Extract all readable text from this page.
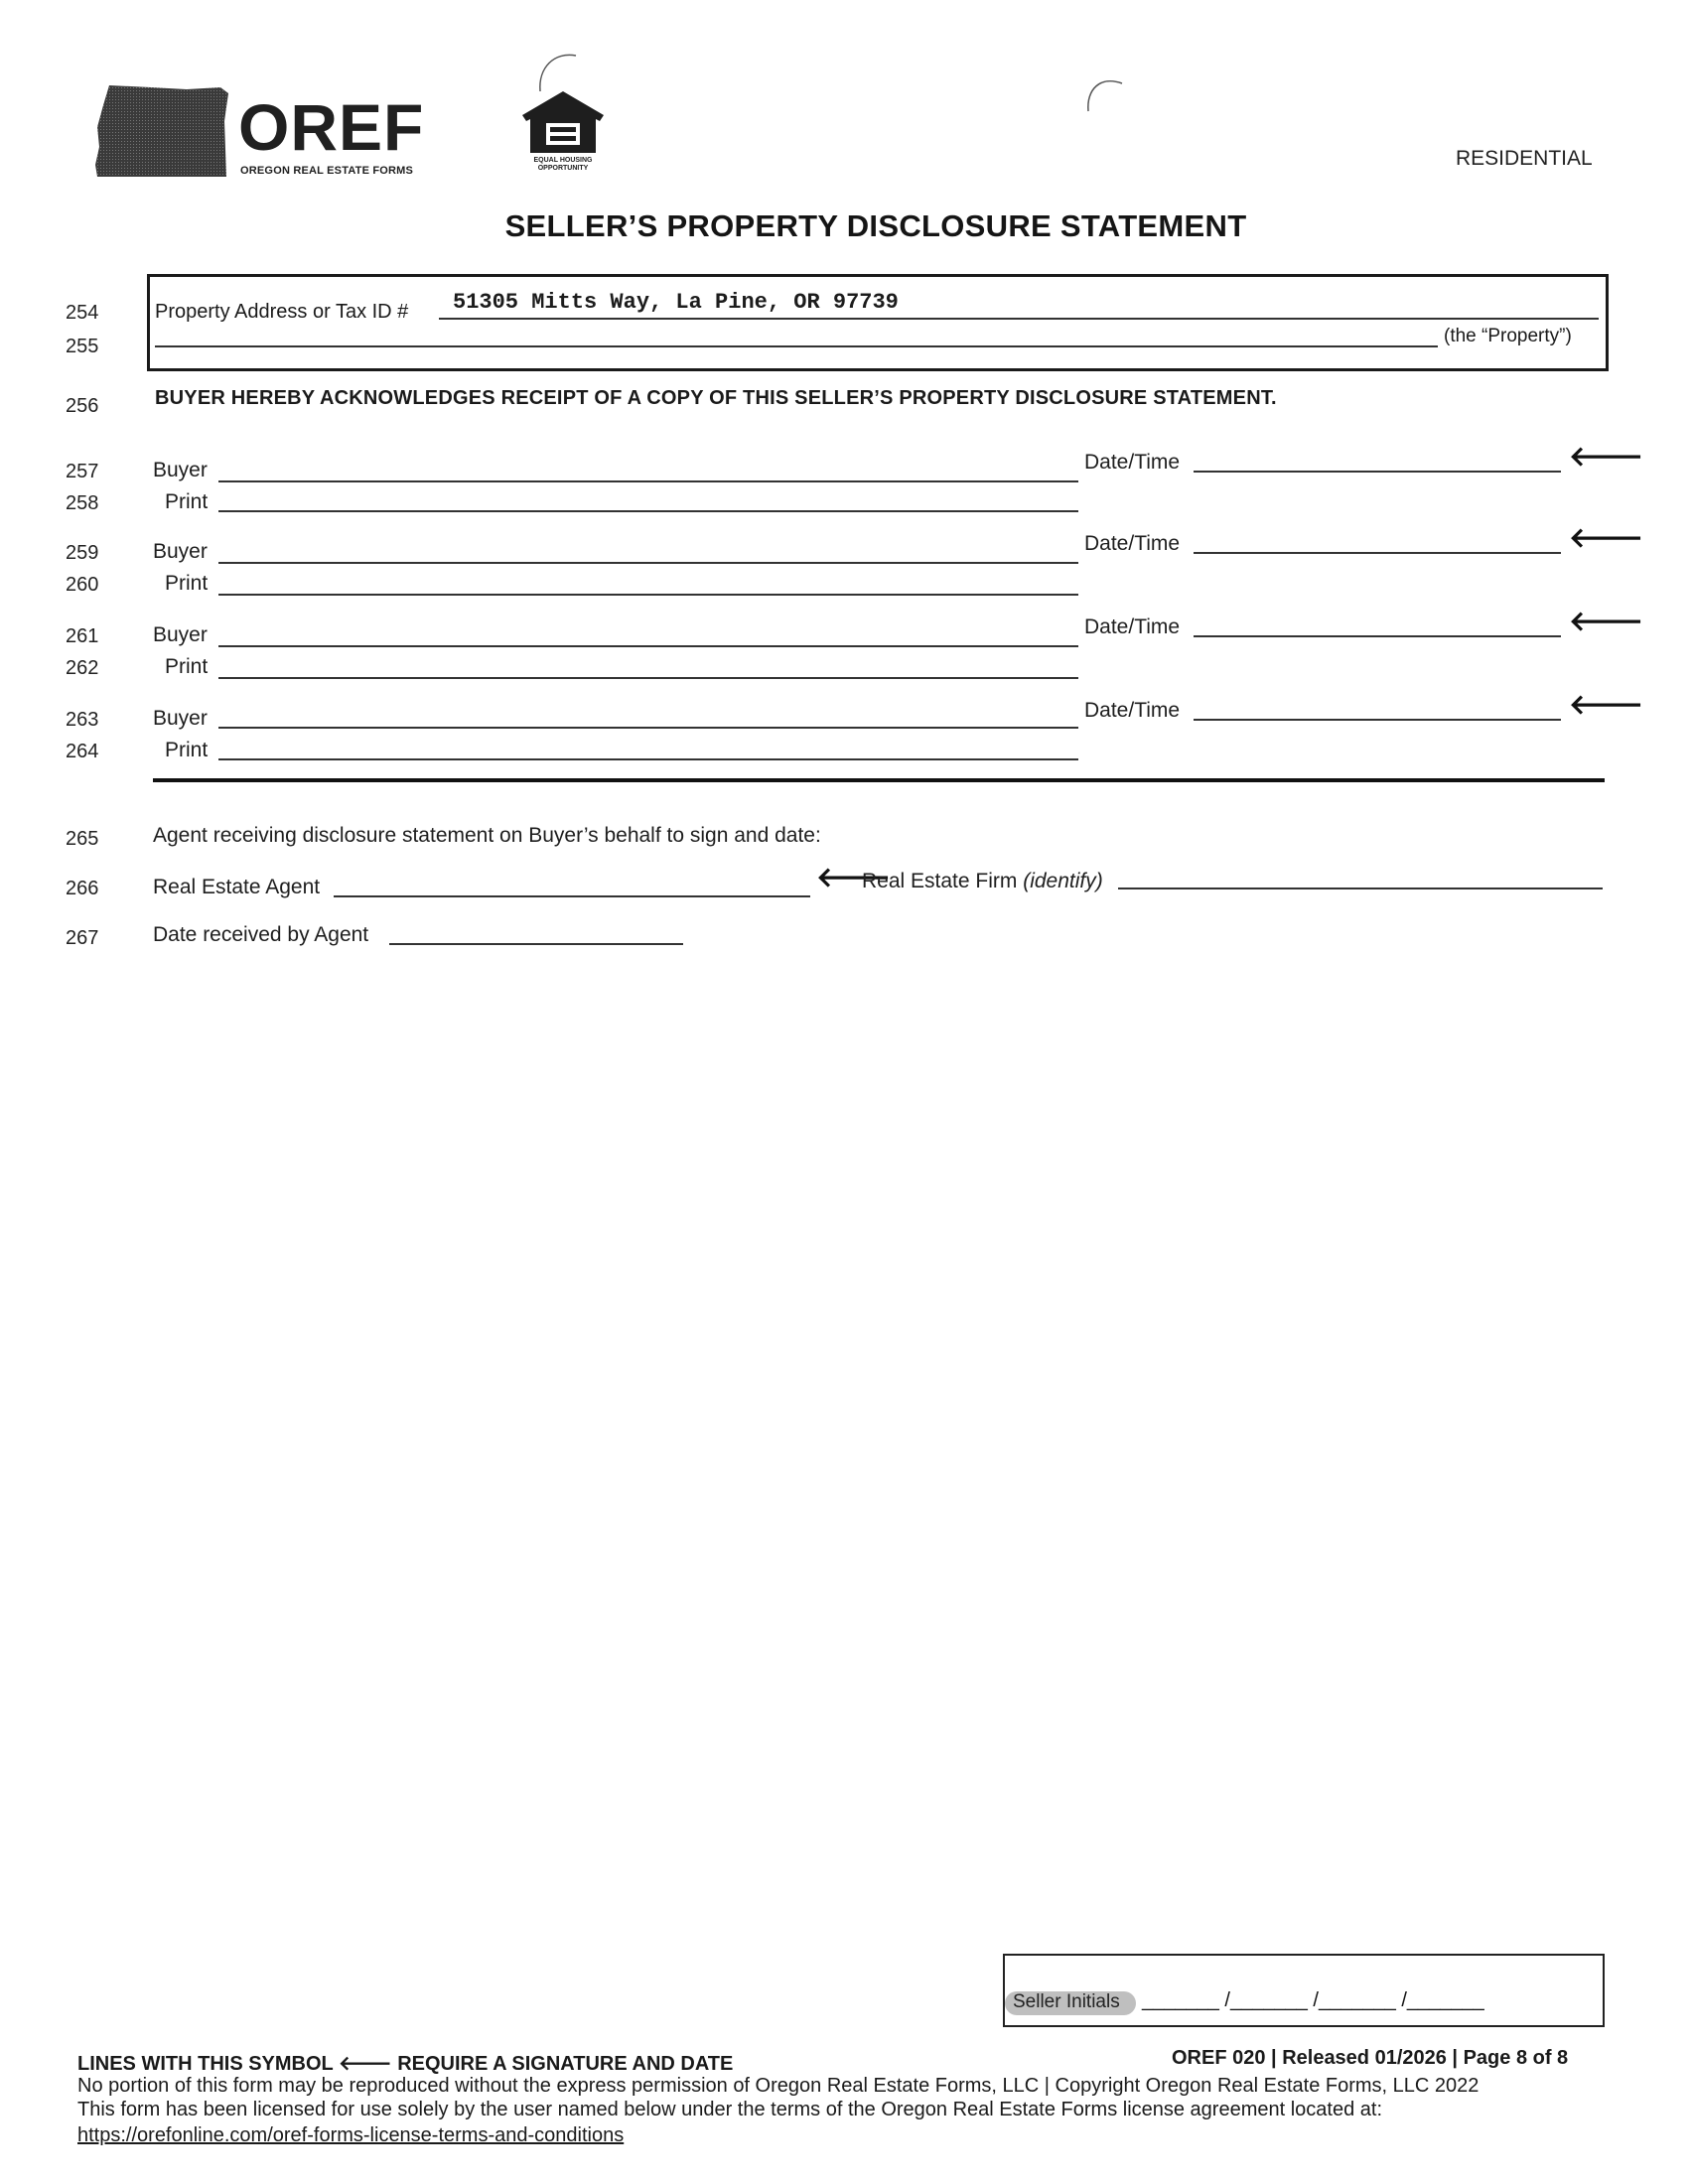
OREF
OREGON REAL ESTATE FORMS
EQUAL HOUSING OPPORTUNITY	RESIDENTIAL
SELLER’S PROPERTY DISCLOSURE STATEMENT
254
255
Property Address or Tax ID # 51305 Mitts Way, La Pine, OR 97739
(the “Property”)
256	BUYER HEREBY ACKNOWLEDGES RECEIPT OF A COPY OF THIS SELLER’S PROPERTY DISCLOSURE STATEMENT.
257
258
Buyer	Date/Time	🡐
Print
259
260
Buyer	Date/Time	🡐
Print
261
262
Buyer	Date/Time	🡐
Print
263
264
Buyer	Date/Time	🡐
Print
265	Agent receiving disclosure statement on Buyer’s behalf to sign and date:
266	Real Estate Agent	🡐
Real Estate Firm (identify)
267	Date received by Agent
Seller Initials _______ /_______ /_______ /_______
LINES WITH THIS SYMBOL 🡐 REQUIRE A SIGNATURE AND DATE	OREF 020 | Released 01/2026 | Page 8 of 8
No portion of this form may be reproduced without the express permission of Oregon Real Estate Forms, LLC | Copyright Oregon Real Estate Forms, LLC 2022
This form has been licensed for use solely by the user named below under the terms of the Oregon Real Estate Forms license agreement located at:
https://orefonline.com/oref-forms-license-terms-and-conditions
